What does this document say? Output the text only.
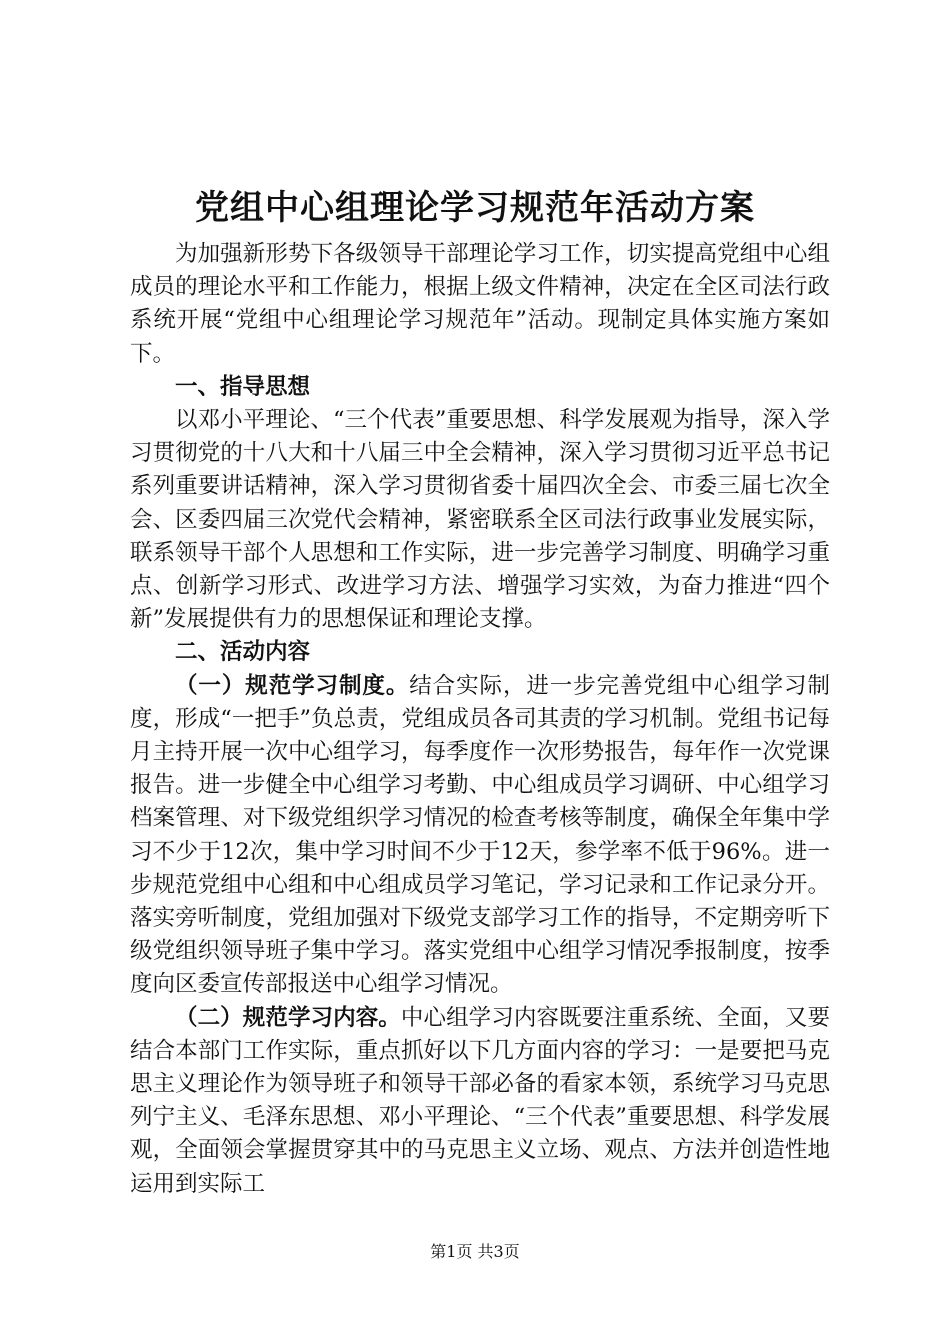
党组中心组理论学习规范年活动方案

为加强新形势下各级领导干部理论学习工作，切实提高党组中心组成员的理论水平和工作能力，根据上级文件精神，决定在全区司法行政系统开展“党组中心组理论学习规范年”活动。现制定具体实施方案如下。

一、指导思想

以邓小平理论、“三个代表”重要思想、科学发展观为指导，深入学习贯彻党的十八大和十八届三中全会精神，深入学习贯彻习近平总书记系列重要讲话精神，深入学习贯彻省委十届四次全会、市委三届七次全会、区委四届三次党代会精神，紧密联系全区司法行政事业发展实际，联系领导干部个人思想和工作实际，进一步完善学习制度、明确学习重点、创新学习形式、改进学习方法、增强学习实效，为奋力推进“四个新”发展提供有力的思想保证和理论支撑。

二、活动内容

（一）规范学习制度。结合实际，进一步完善党组中心组学习制度，形成“一把手”负总责，党组成员各司其责的学习机制。党组书记每月主持开展一次中心组学习，每季度作一次形势报告，每年作一次党课报告。进一步健全中心组学习考勤、中心组成员学习调研、中心组学习档案管理、对下级党组织学习情况的检查考核等制度，确保全年集中学习不少于12次，集中学习时间不少于12天，参学率不低于96%。进一步规范党组中心组和中心组成员学习笔记，学习记录和工作记录分开。落实旁听制度，党组加强对下级党支部学习工作的指导，不定期旁听下级党组织领导班子集中学习。落实党组中心组学习情况季报制度，按季度向区委宣传部报送中心组学习情况。

（二）规范学习内容。中心组学习内容既要注重系统、全面，又要结合本部门工作实际，重点抓好以下几方面内容的学习：一是要把马克思主义理论作为领导班子和领导干部必备的看家本领，系统学习马克思列宁主义、毛泽东思想、邓小平理论、“三个代表”重要思想、科学发展观，全面领会掌握贯穿其中的马克思主义立场、观点、方法并创造性地运用到实际工

第1页 共3页
